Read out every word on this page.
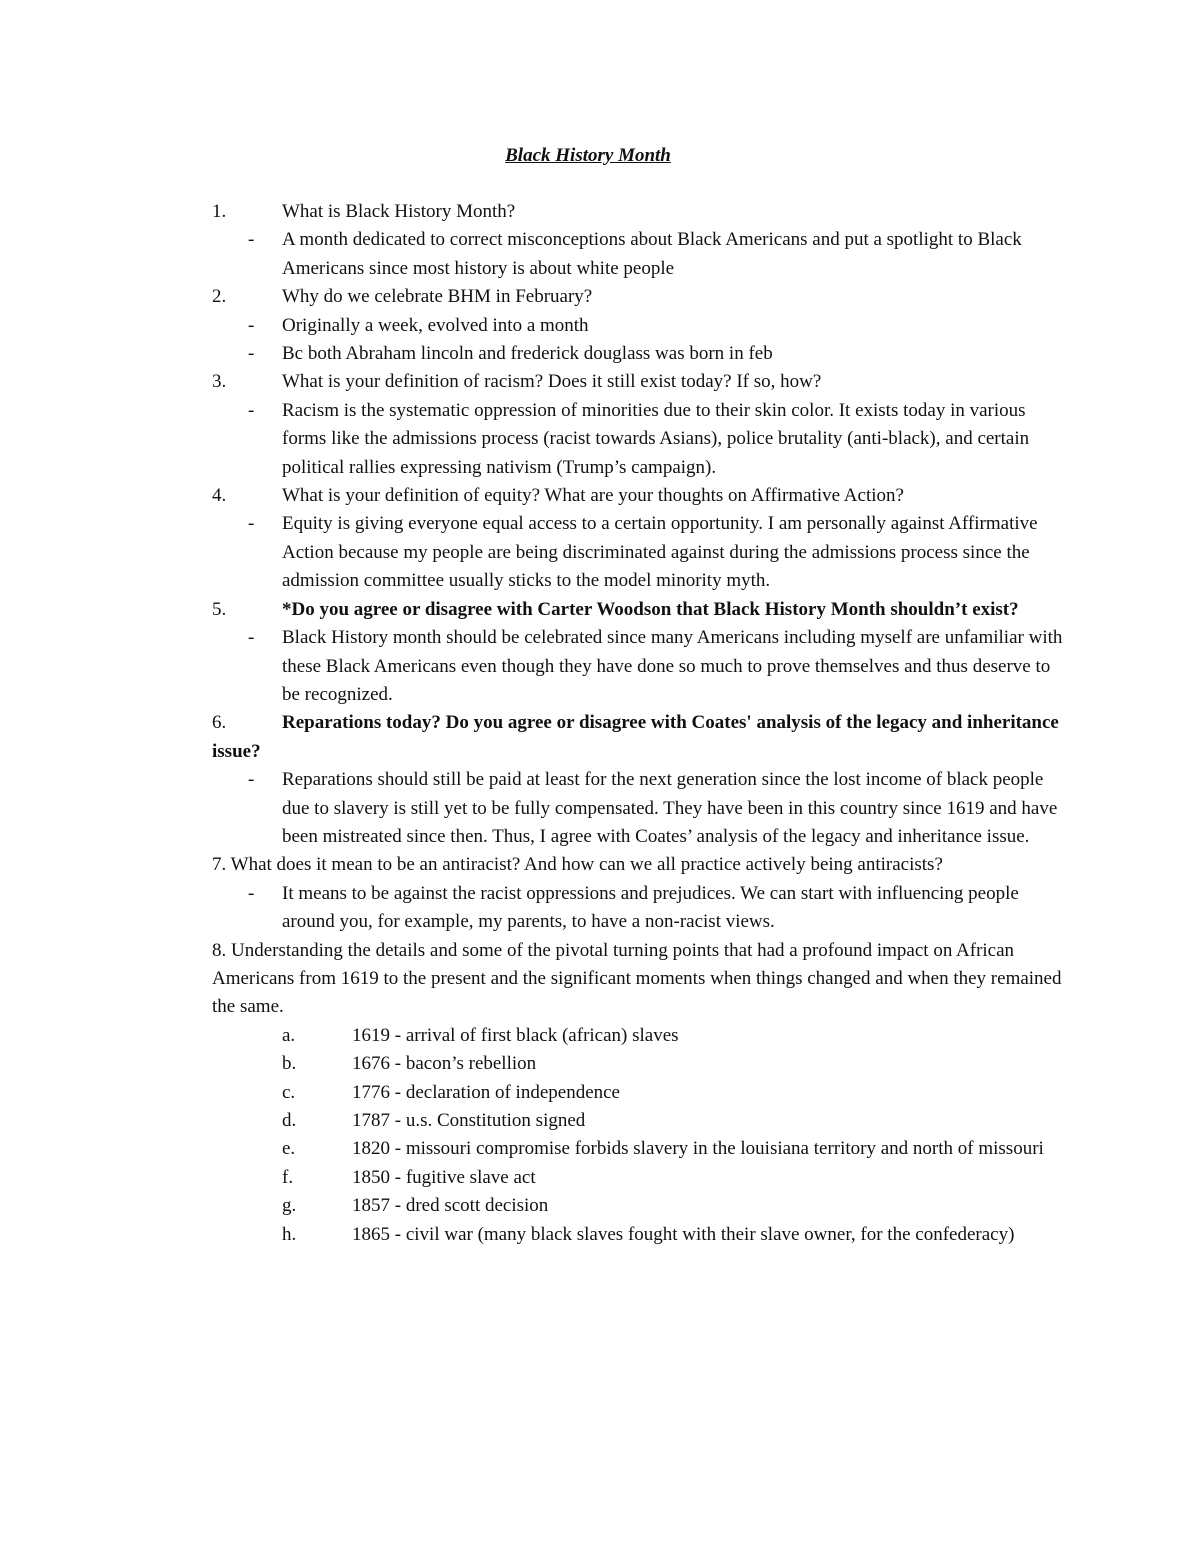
Black History Month
1.	What is Black History Month?
- A month dedicated to correct misconceptions about Black Americans and put a spotlight to Black Americans since most history is about white people
2.	Why do we celebrate BHM in February?
- Originally a week, evolved into a month
- Bc both Abraham lincoln and frederick douglass was born in feb
3.	What is your definition of racism? Does it still exist today? If so, how?
- Racism is the systematic oppression of minorities due to their skin color. It exists today in various forms like the admissions process (racist towards Asians), police brutality (anti-black), and certain political rallies expressing nativism (Trump’s campaign).
4.	What is your definition of equity? What are your thoughts on Affirmative Action?
- Equity is giving everyone equal access to a certain opportunity. I am personally against Affirmative Action because my people are being discriminated against during the admissions process since the admission committee usually sticks to the model minority myth.
5.	*Do you agree or disagree with Carter Woodson that Black History Month shouldn’t exist?
- Black History month should be celebrated since many Americans including myself are unfamiliar with these Black Americans even though they have done so much to prove themselves and thus deserve to be recognized.
6.	Reparations today? Do you agree or disagree with Coates' analysis of the legacy and inheritance issue?
- Reparations should still be paid at least for the next generation since the lost income of black people due to slavery is still yet to be fully compensated. They have been in this country since 1619 and have been mistreated since then. Thus, I agree with Coates’ analysis of the legacy and inheritance issue.
7. What does it mean to be an antiracist? And how can we all practice actively being antiracists?
- It means to be against the racist oppressions and prejudices. We can start with influencing people around you, for example, my parents, to have a non-racist views.
8. Understanding the details and some of the pivotal turning points that had a profound impact on African Americans from 1619 to the present and the significant moments when things changed and when they remained the same.
a.	1619 - arrival of first black (african) slaves
b.	1676 - bacon’s rebellion
c.	1776 - declaration of independence
d.	1787 - u.s. Constitution signed
e.	1820 - missouri compromise forbids slavery in the louisiana territory and north of missouri
f.	1850 - fugitive slave act
g.	1857 - dred scott decision
h.	1865 - civil war (many black slaves fought with their slave owner, for the confederacy)
